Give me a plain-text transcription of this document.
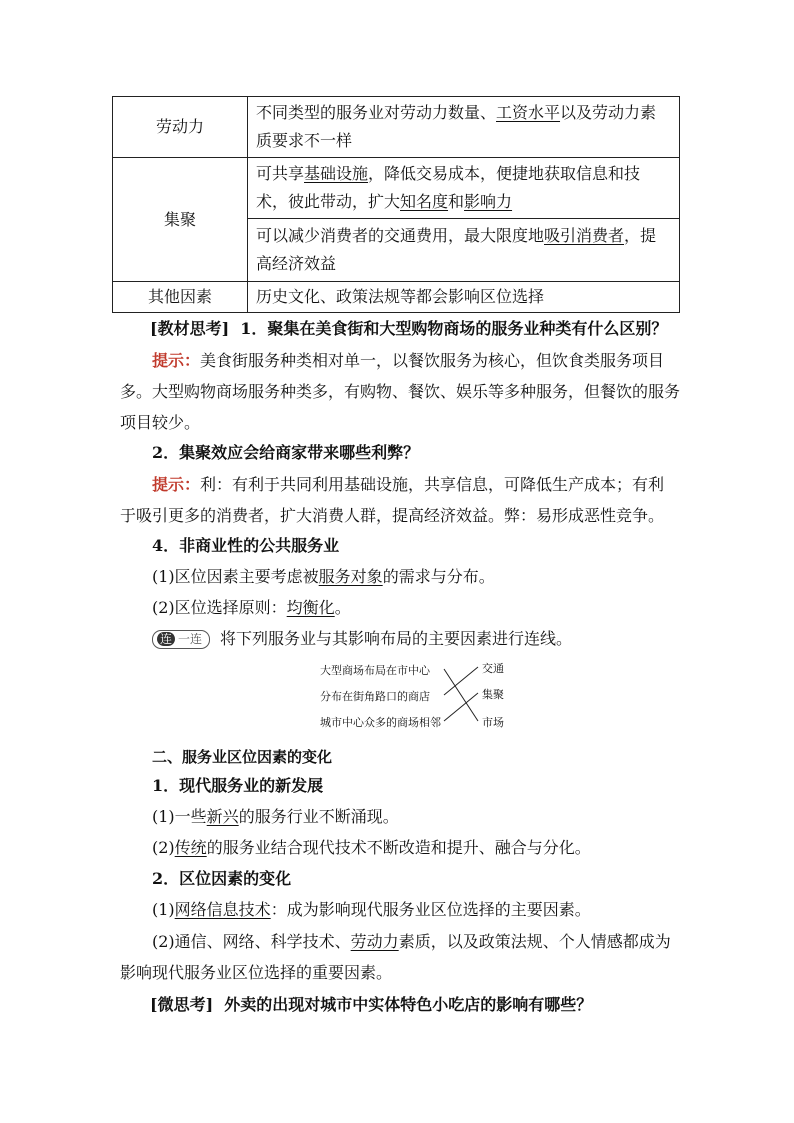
劳动力	不同类型的服务业对劳动力数量、工资水平以及劳动力素质要求不一样
集聚	可共享基础设施，降低交易成本，便捷地获取信息和技术，彼此带动，扩大知名度和影响力
	可以减少消费者的交通费用，最大限度地吸引消费者，提高经济效益
其他因素	历史文化、政策法规等都会影响区位选择
[教材思考] 1．聚集在美食街和大型购物商场的服务业种类有什么区别？

提示：美食街服务种类相对单一，以餐饮服务为核心，但饮食类服务项目多。大型购物商场服务种类多，有购物、餐饮、娱乐等多种服务，但餐饮的服务项目较少。

2．集聚效应会给商家带来哪些利弊？

提示：利：有利于共同利用基础设施，共享信息，可降低生产成本；有利于吸引更多的消费者，扩大消费人群，提高经济效益。弊：易形成恶性竞争。

4．非商业性的公共服务业
(1)区位因素主要考虑被服务对象的需求与分布。
(2)区位选择原则：均衡化。
连 一连 将下列服务业与其影响布局的主要因素进行连线。
大型商场布局在市中心
分布在街角路口的商店
城市中心众多的商场相邻
交通
集聚
市场
二、服务业区位因素的变化
1．现代服务业的新发展
(1)一些新兴的服务行业不断涌现。
(2)传统的服务业结合现代技术不断改造和提升、融合与分化。
2．区位因素的变化
(1)网络信息技术：成为影响现代服务业区位选择的主要因素。

(2)通信、网络、科学技术、劳动力素质，以及政策法规、个人情感都成为影响现代服务业区位选择的重要因素。

[微思考] 外卖的出现对城市中实体特色小吃店的影响有哪些？
